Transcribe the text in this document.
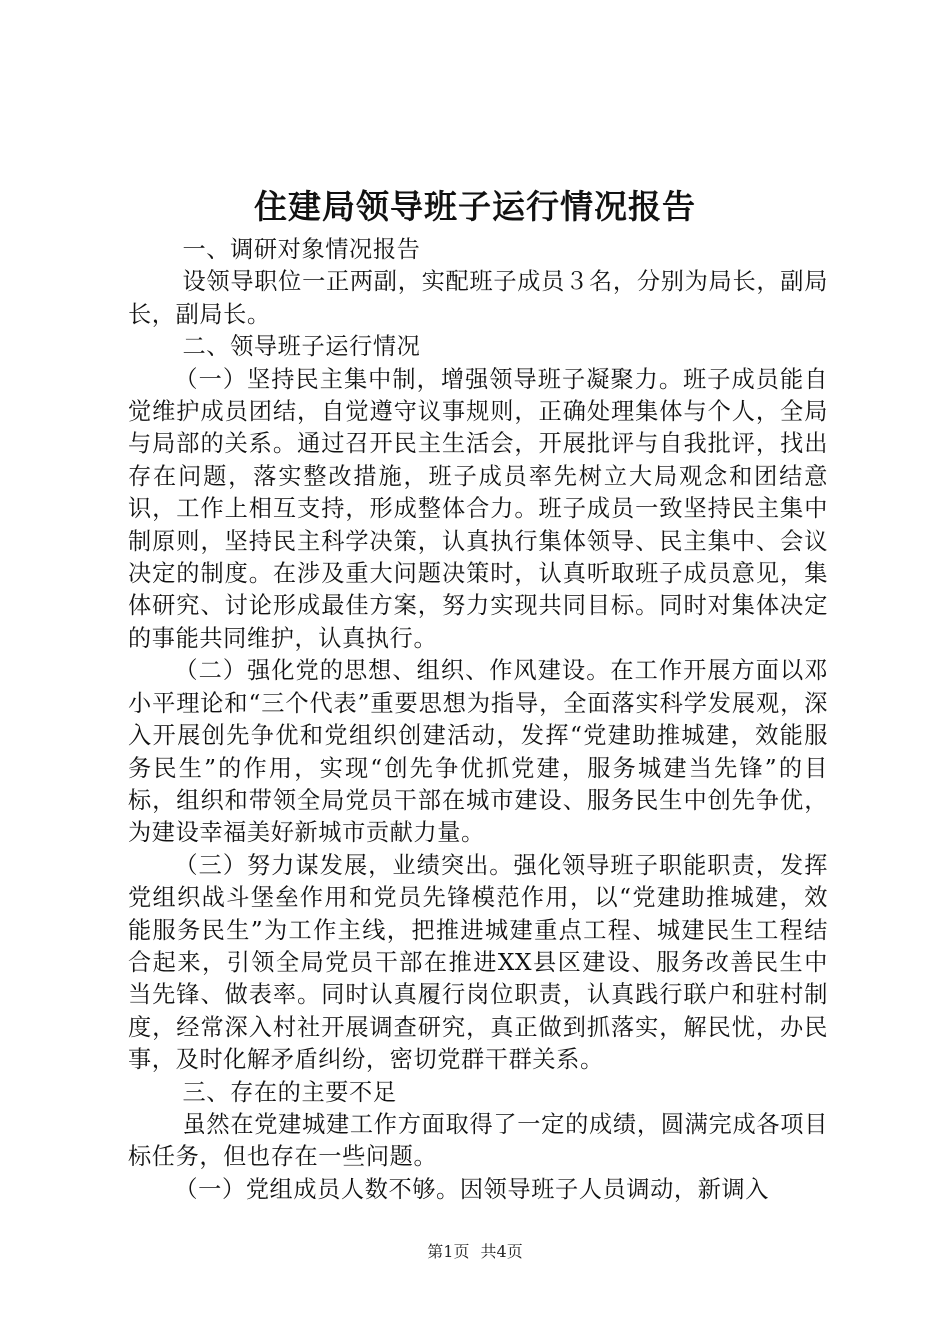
住建局领导班子运行情况报告

一、调研对象情况报告

设领导职位一正两副，实配班子成员３名，分别为局长，副局长，副局长。

二、领导班子运行情况

（一）坚持民主集中制，增强领导班子凝聚力。班子成员能自觉维护成员团结，自觉遵守议事规则，正确处理集体与个人，全局与局部的关系。通过召开民主生活会，开展批评与自我批评，找出存在问题，落实整改措施，班子成员率先树立大局观念和团结意识，工作上相互支持，形成整体合力。班子成员一致坚持民主集中制原则，坚持民主科学决策，认真执行集体领导、民主集中、会议决定的制度。在涉及重大问题决策时，认真听取班子成员意见，集体研究、讨论形成最佳方案，努力实现共同目标。同时对集体决定的事能共同维护，认真执行。

（二）强化党的思想、组织、作风建设。在工作开展方面以邓小平理论和“三个代表”重要思想为指导，全面落实科学发展观，深入开展创先争优和党组织创建活动，发挥“党建助推城建，效能服务民生”的作用，实现“创先争优抓党建，服务城建当先锋”的目标，组织和带领全局党员干部在城市建设、服务民生中创先争优，为建设幸福美好新城市贡献力量。

（三）努力谋发展，业绩突出。强化领导班子职能职责，发挥党组织战斗堡垒作用和党员先锋模范作用，以“党建助推城建，效能服务民生”为工作主线，把推进城建重点工程、城建民生工程结合起来，引领全局党员干部在推进XX县区建设、服务改善民生中当先锋、做表率。同时认真履行岗位职责，认真践行联户和驻村制度，经常深入村社开展调查研究，真正做到抓落实，解民忧，办民事，及时化解矛盾纠纷，密切党群干群关系。

三、存在的主要不足

虽然在党建城建工作方面取得了一定的成绩，圆满完成各项目标任务，但也存在一些问题。

（一）党组成员人数不够。因领导班子人员调动，新调入

第1页 共4页
